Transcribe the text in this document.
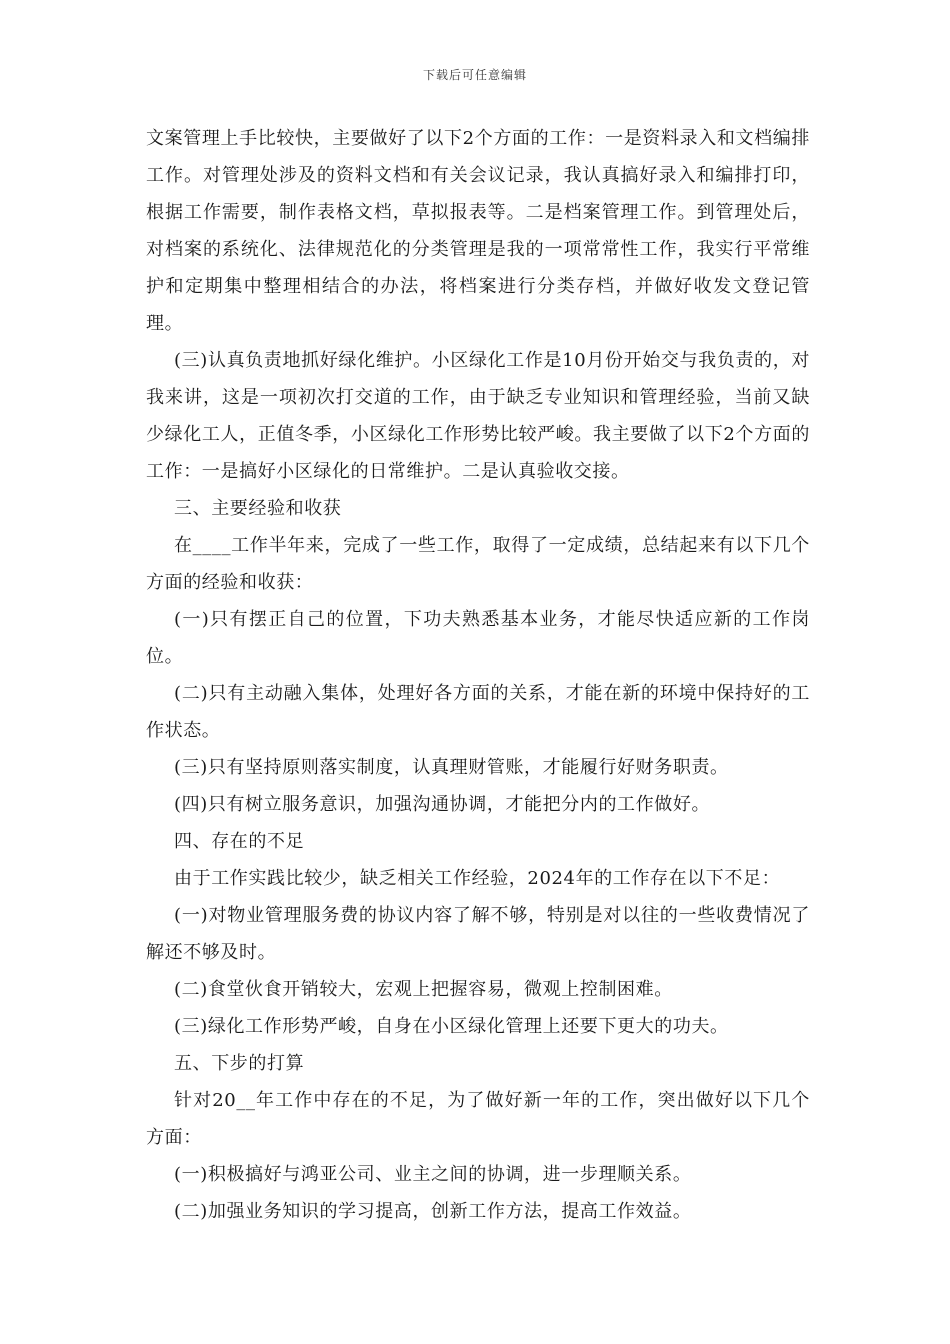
下载后可任意编辑

文案管理上手比较快，主要做好了以下2个方面的工作：一是资料录入和文档编排工作。对管理处涉及的资料文档和有关会议记录，我认真搞好录入和编排打印，根据工作需要，制作表格文档，草拟报表等。二是档案管理工作。到管理处后，对档案的系统化、法律规范化的分类管理是我的一项常常性工作，我实行平常维护和定期集中整理相结合的办法，将档案进行分类存档，并做好收发文登记管理。

(三)认真负责地抓好绿化维护。小区绿化工作是10月份开始交与我负责的，对我来讲，这是一项初次打交道的工作，由于缺乏专业知识和管理经验，当前又缺少绿化工人，正值冬季，小区绿化工作形势比较严峻。我主要做了以下2个方面的工作：一是搞好小区绿化的日常维护。二是认真验收交接。

三、主要经验和收获

在____工作半年来，完成了一些工作，取得了一定成绩，总结起来有以下几个方面的经验和收获：

(一)只有摆正自己的位置，下功夫熟悉基本业务，才能尽快适应新的工作岗位。

(二)只有主动融入集体，处理好各方面的关系，才能在新的环境中保持好的工作状态。

(三)只有坚持原则落实制度，认真理财管账，才能履行好财务职责。

(四)只有树立服务意识，加强沟通协调，才能把分内的工作做好。

四、存在的不足

由于工作实践比较少，缺乏相关工作经验，2024年的工作存在以下不足：

(一)对物业管理服务费的协议内容了解不够，特别是对以往的一些收费情况了解还不够及时。

(二)食堂伙食开销较大，宏观上把握容易，微观上控制困难。

(三)绿化工作形势严峻，自身在小区绿化管理上还要下更大的功夫。

五、下步的打算

针对20__年工作中存在的不足，为了做好新一年的工作，突出做好以下几个方面：

(一)积极搞好与鸿亚公司、业主之间的协调，进一步理顺关系。

(二)加强业务知识的学习提高，创新工作方法，提高工作效益。
